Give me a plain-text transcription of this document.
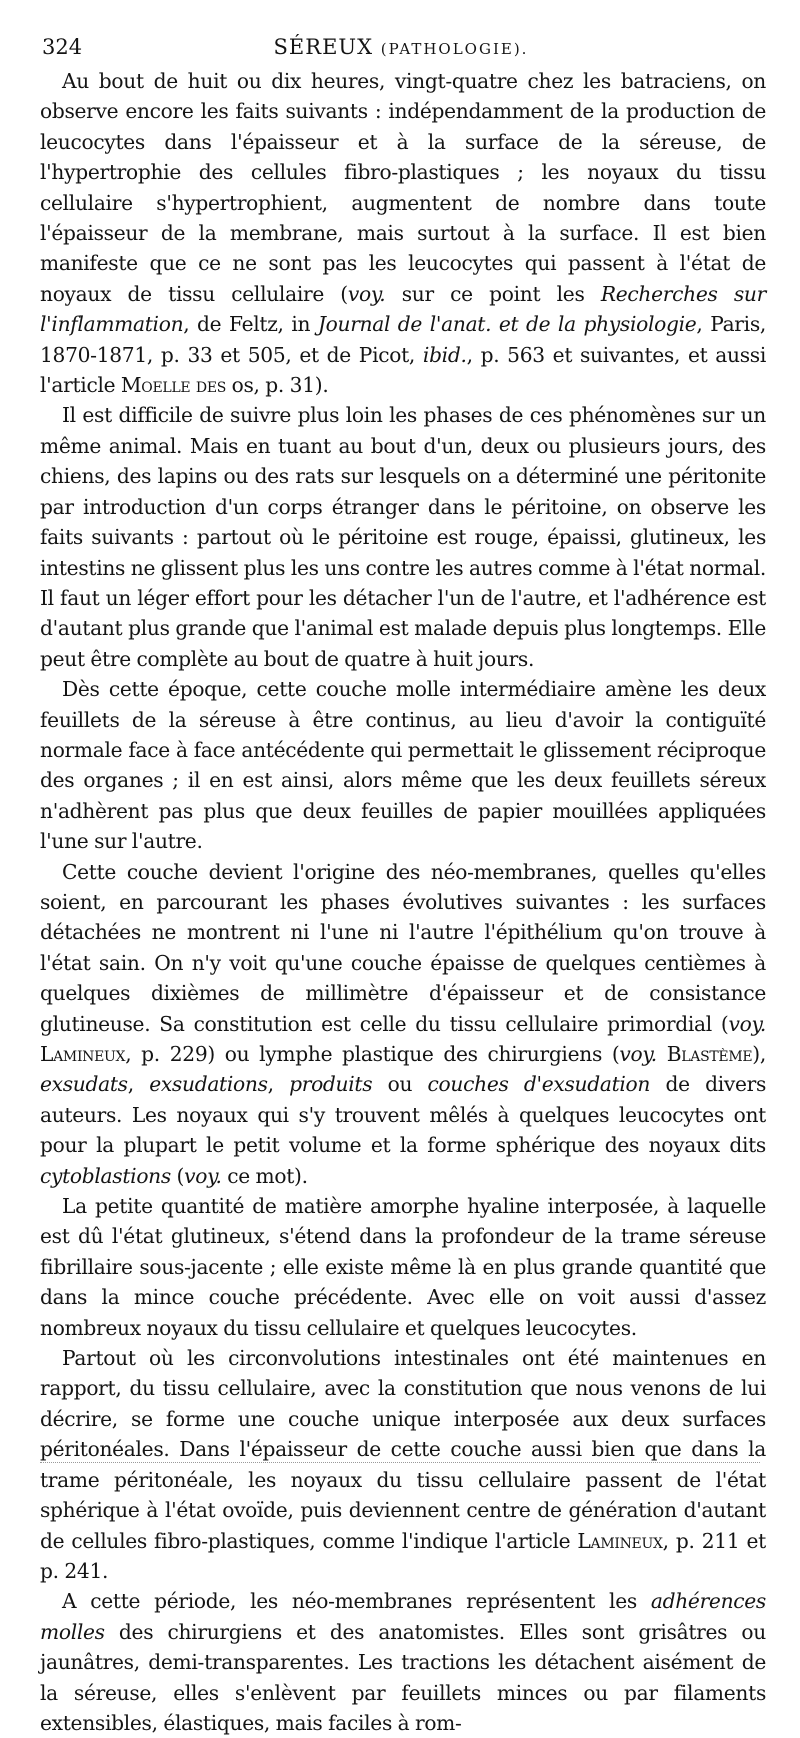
324	SÉREUX (PATHOLOGIE).

Au bout de huit ou dix heures, vingt-quatre chez les batraciens, on observe encore les faits suivants : indépendamment de la production de leucocytes dans l'épaisseur et à la surface de la séreuse, de l'hypertrophie des cellules fibro-plastiques ; les noyaux du tissu cellulaire s'hypertrophient, augmentent de nombre dans toute l'épaisseur de la membrane, mais surtout à la surface. Il est bien manifeste que ce ne sont pas les leucocytes qui passent à l'état de noyaux de tissu cellulaire (voy. sur ce point les Recherches sur l'inflammation, de Feltz, in Journal de l'anat. et de la physiologie, Paris, 1870-1871, p. 33 et 505, et de Picot, ibid., p. 563 et suivantes, et aussi l'article Moelle des os, p. 31).

Il est difficile de suivre plus loin les phases de ces phénomènes sur un même animal. Mais en tuant au bout d'un, deux ou plusieurs jours, des chiens, des lapins ou des rats sur lesquels on a déterminé une péritonite par introduction d'un corps étranger dans le péritoine, on observe les faits suivants : partout où le péritoine est rouge, épaissi, glutineux, les intestins ne glissent plus les uns contre les autres comme à l'état normal. Il faut un léger effort pour les détacher l'un de l'autre, et l'adhérence est d'autant plus grande que l'animal est malade depuis plus longtemps. Elle peut être complète au bout de quatre à huit jours.

Dès cette époque, cette couche molle intermédiaire amène les deux feuillets de la séreuse à être continus, au lieu d'avoir la contiguïté normale face à face antécédente qui permettait le glissement réciproque des organes ; il en est ainsi, alors même que les deux feuillets séreux n'adhèrent pas plus que deux feuilles de papier mouillées appliquées l'une sur l'autre.

Cette couche devient l'origine des néo-membranes, quelles qu'elles soient, en parcourant les phases évolutives suivantes : les surfaces détachées ne montrent ni l'une ni l'autre l'épithélium qu'on trouve à l'état sain. On n'y voit qu'une couche épaisse de quelques centièmes à quelques dixièmes de millimètre d'épaisseur et de consistance glutineuse. Sa constitution est celle du tissu cellulaire primordial (voy. Lamineux, p. 229) ou lymphe plastique des chirurgiens (voy. Blastème), exsudats, exsudations, produits ou couches d'exsudation de divers auteurs. Les noyaux qui s'y trouvent mêlés à quelques leucocytes ont pour la plupart le petit volume et la forme sphérique des noyaux dits cytoblastions (voy. ce mot).

La petite quantité de matière amorphe hyaline interposée, à laquelle est dû l'état glutineux, s'étend dans la profondeur de la trame séreuse fibrillaire sous-jacente ; elle existe même là en plus grande quantité que dans la mince couche précédente. Avec elle on voit aussi d'assez nombreux noyaux du tissu cellulaire et quelques leucocytes.

Partout où les circonvolutions intestinales ont été maintenues en rapport, du tissu cellulaire, avec la constitution que nous venons de lui décrire, se forme une couche unique interposée aux deux surfaces péritonéales. Dans l'épaisseur de cette couche aussi bien que dans la trame péritonéale, les noyaux du tissu cellulaire passent de l'état sphérique à l'état ovoïde, puis deviennent centre de génération d'autant de cellules fibro-plastiques, comme l'indique l'article Lamineux, p. 211 et p. 241.

A cette période, les néo-membranes représentent les adhérences molles des chirurgiens et des anatomistes. Elles sont grisâtres ou jaunâtres, demi-transparentes. Les tractions les détachent aisément de la séreuse, elles s'enlèvent par feuillets minces ou par filaments extensibles, élastiques, mais faciles à rom-
